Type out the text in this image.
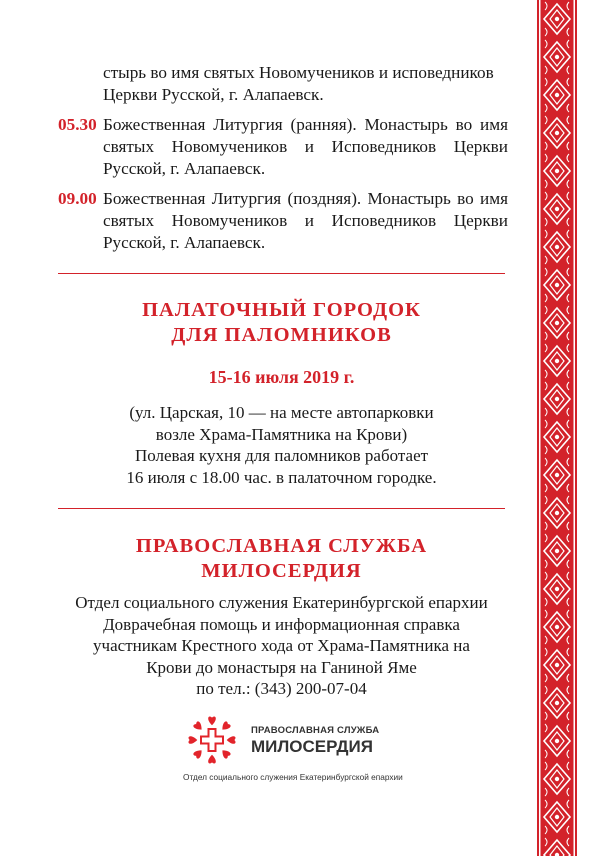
стырь во имя святых Новомучеников и исповедников Церкви Русской, г. Алапаевск.
05.30 Божественная Литургия (ранняя). Монастырь во имя святых Новомучеников и Исповедников Церкви Русской, г. Алапаевск.
09.00 Божественная Литургия (поздняя). Монастырь во имя святых Новомучеников и Исповедников Церкви Русской, г. Алапаевск.
ПАЛАТОЧНЫЙ ГОРОДОК
ДЛЯ ПАЛОМНИКОВ
15-16 июля 2019 г.
(ул. Царская, 10 — на месте автопарковки
возле Храма-Памятника на Крови)
Полевая кухня для паломников работает
16 июля с 18.00 час. в палаточном городке.
ПРАВОСЛАВНАЯ СЛУЖБА
МИЛОСЕРДИЯ
Отдел социального служения Екатеринбургской епархии
Доврачебная помощь и информационная справка
участникам Крестного хода от Храма-Памятника на
Крови до монастыря на Ганиной Яме
по тел.: (343) 200-07-04
ПРАВОСЛАВНАЯ СЛУЖБА
МИЛОСЕРДИЯ
Отдел социального служения Екатеринбургской епархии
